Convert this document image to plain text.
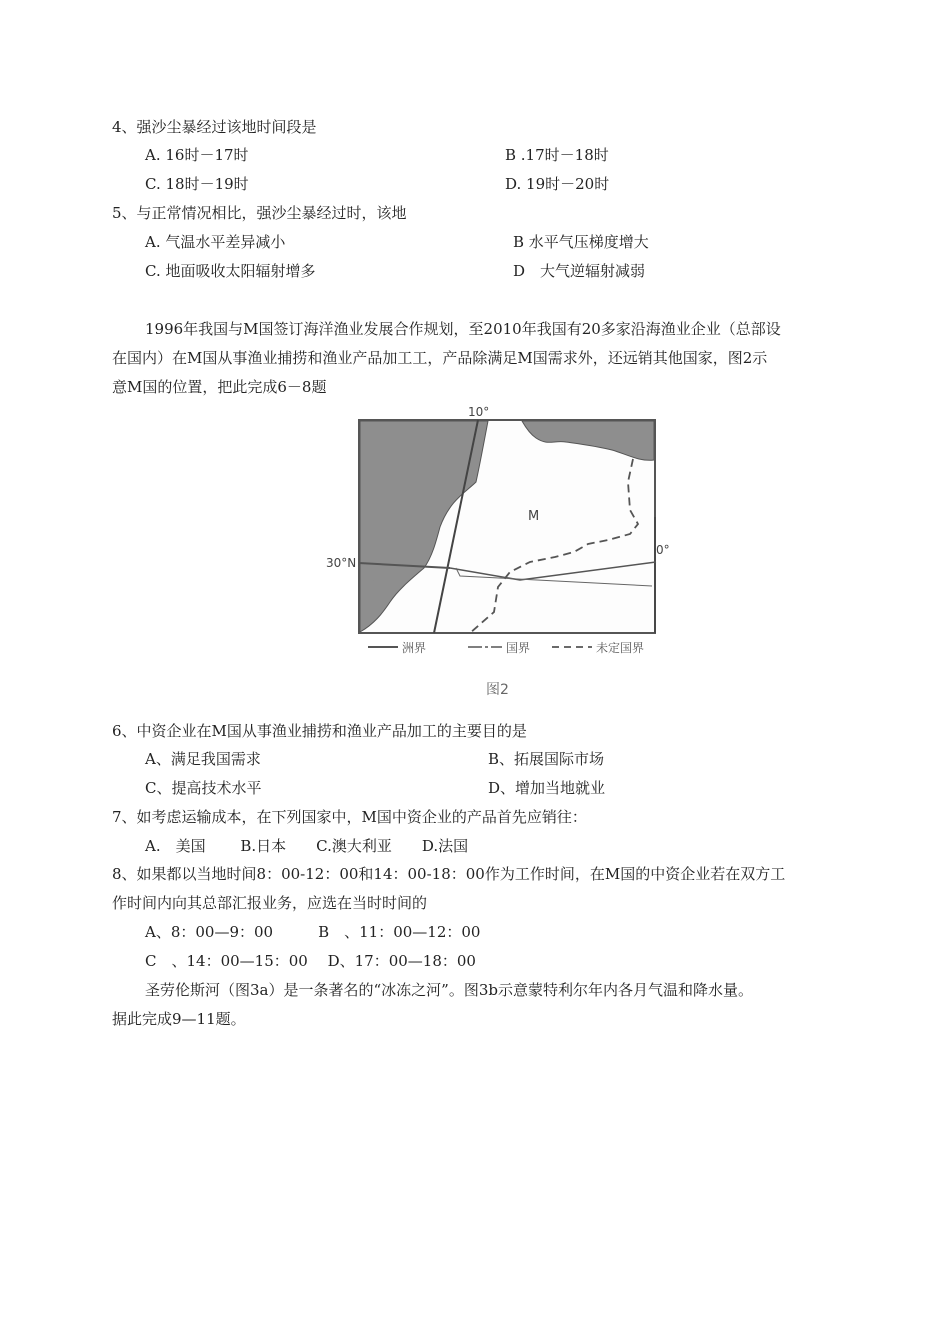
4、强沙尘暴经过该地时间段是
A. 16时－17时	B .17时－18时
C. 18时－19时	D. 19时－20时
5、与正常情况相比，强沙尘暴经过时，该地
A. 气温水平差异减小	B 水平气压梯度增大
C. 地面吸收太阳辐射增多	D　大气逆辐射减弱
1996年我国与M国签订海洋渔业发展合作规划，至2010年我国有20多家沿海渔业企业（总部设
在国内）在M国从事渔业捕捞和渔业产品加工工，产品除满足M国需求外，还远销其他国家，图2示
意M国的位置，把此完成6－8题
10°
0°
30°N
M
洲界	国界	未定国界
图2
6、中资企业在M国从事渔业捕捞和渔业产品加工的主要目的是
A、满足我国需求	B、拓展国际市场
C、提高技术水平	D、增加当地就业
7、如考虑运输成本，在下列国家中，M国中资企业的产品首先应销往：
A.　美国　　 B.日本　　C.澳大利亚　　D.法国
8、如果都以当地时间8：00-12：00和14：00-18：00作为工作时间，在M国的中资企业若在双方工
作时间内向其总部汇报业务，应选在当时时间的
A、8：00—9：00　　　B　、11：00—12：00
C　、14：00—15：00　 D、17：00—18：00
圣劳伦斯河（图3a）是一条著名的“冰冻之河”。图3b示意蒙特利尔年内各月气温和降水量。
据此完成9—11题。
